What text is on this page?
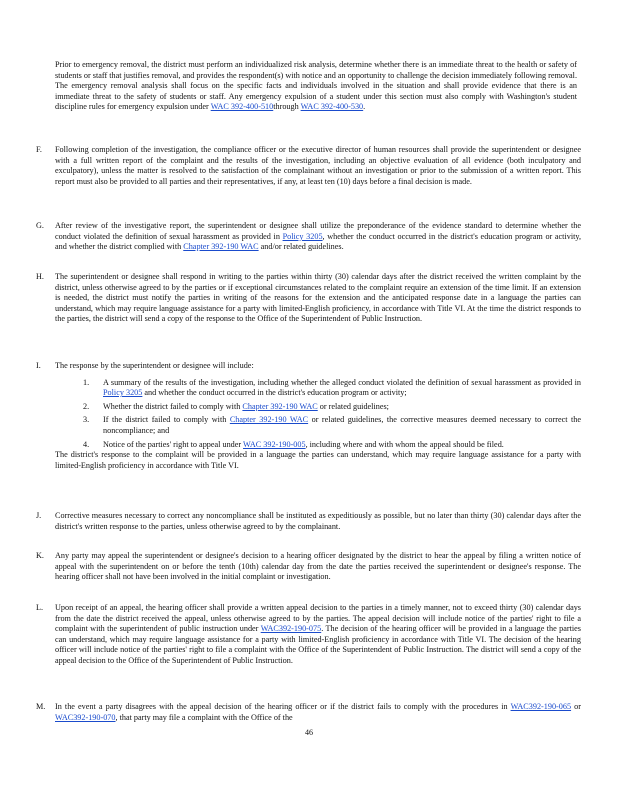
Prior to emergency removal, the district must perform an individualized risk analysis, determine whether there is an immediate threat to the health or safety of students or staff that justifies removal, and provides the respondent(s) with notice and an opportunity to challenge the decision immediately following removal. The emergency removal analysis shall focus on the specific facts and individuals involved in the situation and shall provide evidence that there is an immediate threat to the safety of students or staff. Any emergency expulsion of a student under this section must also comply with Washington's student discipline rules for emergency expulsion under WAC 392-400-510through WAC 392-400-530.

F.	Following completion of the investigation, the compliance officer or the executive director of human resources shall provide the superintendent or designee with a full written report of the complaint and the results of the investigation, including an objective evaluation of all evidence (both inculpatory and exculpatory), unless the matter is resolved to the satisfaction of the complainant without an investigation or prior to the submission of a written report. This report must also be provided to all parties and their representatives, if any, at least ten (10) days before a final decision is made.

G.	After review of the investigative report, the superintendent or designee shall utilize the preponderance of the evidence standard to determine whether the conduct violated the definition of sexual harassment as provided in Policy 3205, whether the conduct occurred in the district's education program or activity, and whether the district complied with Chapter 392-190 WAC and/or related guidelines.

H.	The superintendent or designee shall respond in writing to the parties within thirty (30) calendar days after the district received the written complaint by the district, unless otherwise agreed to by the parties or if exceptional circumstances related to the complaint require an extension of the time limit. If an extension is needed, the district must notify the parties in writing of the reasons for the extension and the anticipated response date in a language the parties can understand, which may require language assistance for a party with limited-English proficiency, in accordance with Title VI. At the time the district responds to the parties, the district will send a copy of the response to the Office of the Superintendent of Public Instruction.

I.	The response by the superintendent or designee will include:

1. A summary of the results of the investigation, including whether the alleged conduct violated the definition of sexual harassment as provided in Policy 3205 and whether the conduct occurred in the district's education program or activity;
2. Whether the district failed to comply with Chapter 392-190 WAC or related guidelines;
3. If the district failed to comply with Chapter 392-190 WAC or related guidelines, the corrective measures deemed necessary to correct the noncompliance; and
4. Notice of the parties' right to appeal under WAC 392-190-005, including where and with whom the appeal should be filed.

The district's response to the complaint will be provided in a language the parties can understand, which may require language assistance for a party with limited-English proficiency in accordance with Title VI.

J.	Corrective measures necessary to correct any noncompliance shall be instituted as expeditiously as possible, but no later than thirty (30) calendar days after the district's written response to the parties, unless otherwise agreed to by the complainant.

K.	Any party may appeal the superintendent or designee's decision to a hearing officer designated by the district to hear the appeal by filing a written notice of appeal with the superintendent on or before the tenth (10th) calendar day from the date the parties received the superintendent or designee's response. The hearing officer shall not have been involved in the initial complaint or investigation.

L.	Upon receipt of an appeal, the hearing officer shall provide a written appeal decision to the parties in a timely manner, not to exceed thirty (30) calendar days from the date the district received the appeal, unless otherwise agreed to by the parties. The appeal decision will include notice of the parties' right to file a complaint with the superintendent of public instruction under WAC392-190-075. The decision of the hearing officer will be provided in a language the parties can understand, which may require language assistance for a party with limited-English proficiency in accordance with Title VI. The decision of the hearing officer will include notice of the parties' right to file a complaint with the Office of the Superintendent of Public Instruction. The district will send a copy of the appeal decision to the Office of the Superintendent of Public Instruction.

M.	In the event a party disagrees with the appeal decision of the hearing officer or if the district fails to comply with the procedures in WAC392-190-065 or WAC392-190-070, that party may file a complaint with the Office of the

46
